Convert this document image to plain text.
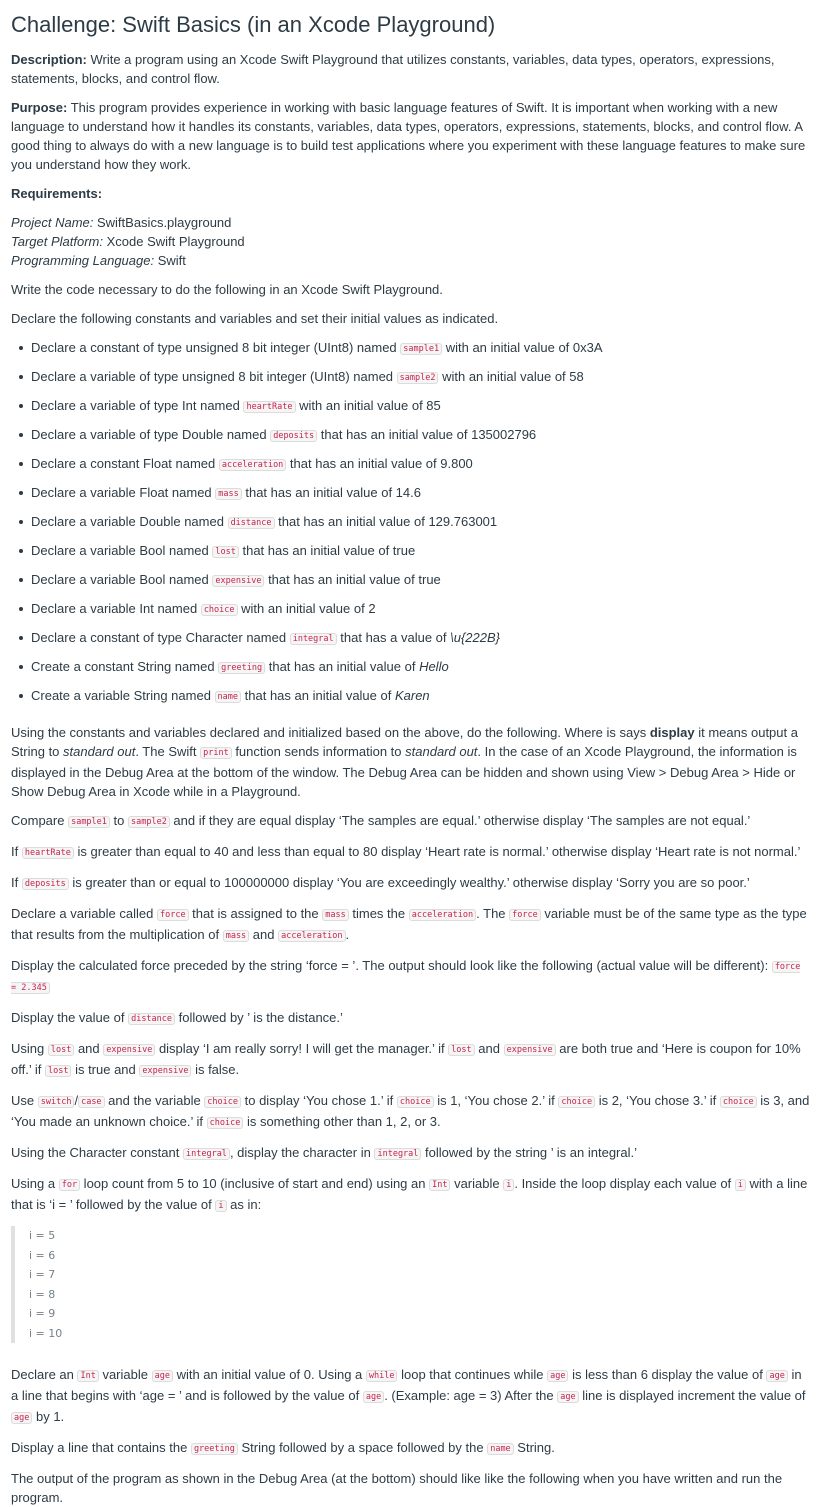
Challenge: Swift Basics (in an Xcode Playground)

Description: Write a program using an Xcode Swift Playground that utilizes constants, variables, data types, operators, expressions, statements, blocks, and control flow.

Purpose: This program provides experience in working with basic language features of Swift. It is important when working with a new language to understand how it handles its constants, variables, data types, operators, expressions, statements, blocks, and control flow. A good thing to always do with a new language is to build test applications where you experiment with these language features to make sure you understand how they work.

Requirements:

Project Name: SwiftBasics.playground
Target Platform: Xcode Swift Playground
Programming Language: Swift

Write the code necessary to do the following in an Xcode Swift Playground.

Declare the following constants and variables and set their initial values as indicated.

Declare a constant of type unsigned 8 bit integer (UInt8) named sample1 with an initial value of 0x3A
Declare a variable of type unsigned 8 bit integer (UInt8) named sample2 with an initial value of 58
Declare a variable of type Int named heartRate with an initial value of 85
Declare a variable of type Double named deposits that has an initial value of 135002796
Declare a constant Float named acceleration that has an initial value of 9.800
Declare a variable Float named mass that has an initial value of 14.6
Declare a variable Double named distance that has an initial value of 129.763001
Declare a variable Bool named lost that has an initial value of true
Declare a variable Bool named expensive that has an initial value of true
Declare a variable Int named choice with an initial value of 2
Declare a constant of type Character named integral that has a value of \u{222B}
Create a constant String named greeting that has an initial value of Hello
Create a variable String named name that has an initial value of Karen

Using the constants and variables declared and initialized based on the above, do the following. Where is says display it means output a String to standard out. The Swift print function sends information to standard out. In the case of an Xcode Playground, the information is displayed in the Debug Area at the bottom of the window. The Debug Area can be hidden and shown using View > Debug Area > Hide or Show Debug Area in Xcode while in a Playground.

Compare sample1 to sample2 and if they are equal display ‘The samples are equal.’ otherwise display ‘The samples are not equal.’

If heartRate is greater than equal to 40 and less than equal to 80 display ‘Heart rate is normal.’ otherwise display ‘Heart rate is not normal.’

If deposits is greater than or equal to 100000000 display ‘You are exceedingly wealthy.’ otherwise display ‘Sorry you are so poor.’

Declare a variable called force that is assigned to the mass times the acceleration . The force variable must be of the same type as the type that results from the multiplication of mass and acceleration .

Display the calculated force preceded by the string ‘force = ’. The output should look like the following (actual value will be different): force = 2.345

Display the value of distance followed by ’ is the distance.’

Using lost and expensive display ‘I am really sorry! I will get the manager.’ if lost and expensive are both true and ‘Here is coupon for 10% off.’ if lost is true and expensive is false.

Use switch / case and the variable choice to display ‘You chose 1.’ if choice is 1, ‘You chose 2.’ if choice is 2, ‘You chose 3.’ if choice is 3, and ‘You made an unknown choice.’ if choice is something other than 1, 2, or 3.

Using the Character constant integral , display the character in integral followed by the string ’ is an integral.’

Using a for loop count from 5 to 10 (inclusive of start and end) using an Int variable i . Inside the loop display each value of i with a line that is ‘i = ’ followed by the value of i as in:

i = 5
i = 6
i = 7
i = 8
i = 9
i = 10

Declare an Int variable age with an initial value of 0. Using a while loop that continues while age is less than 6 display the value of age in a line that begins with ‘age = ’ and is followed by the value of age . (Example: age = 3) After the age line is displayed increment the value of age by 1.

Display a line that contains the greeting String followed by a space followed by the name String.

The output of the program as shown in the Debug Area (at the bottom) should like like the following when you have written and run the program.
